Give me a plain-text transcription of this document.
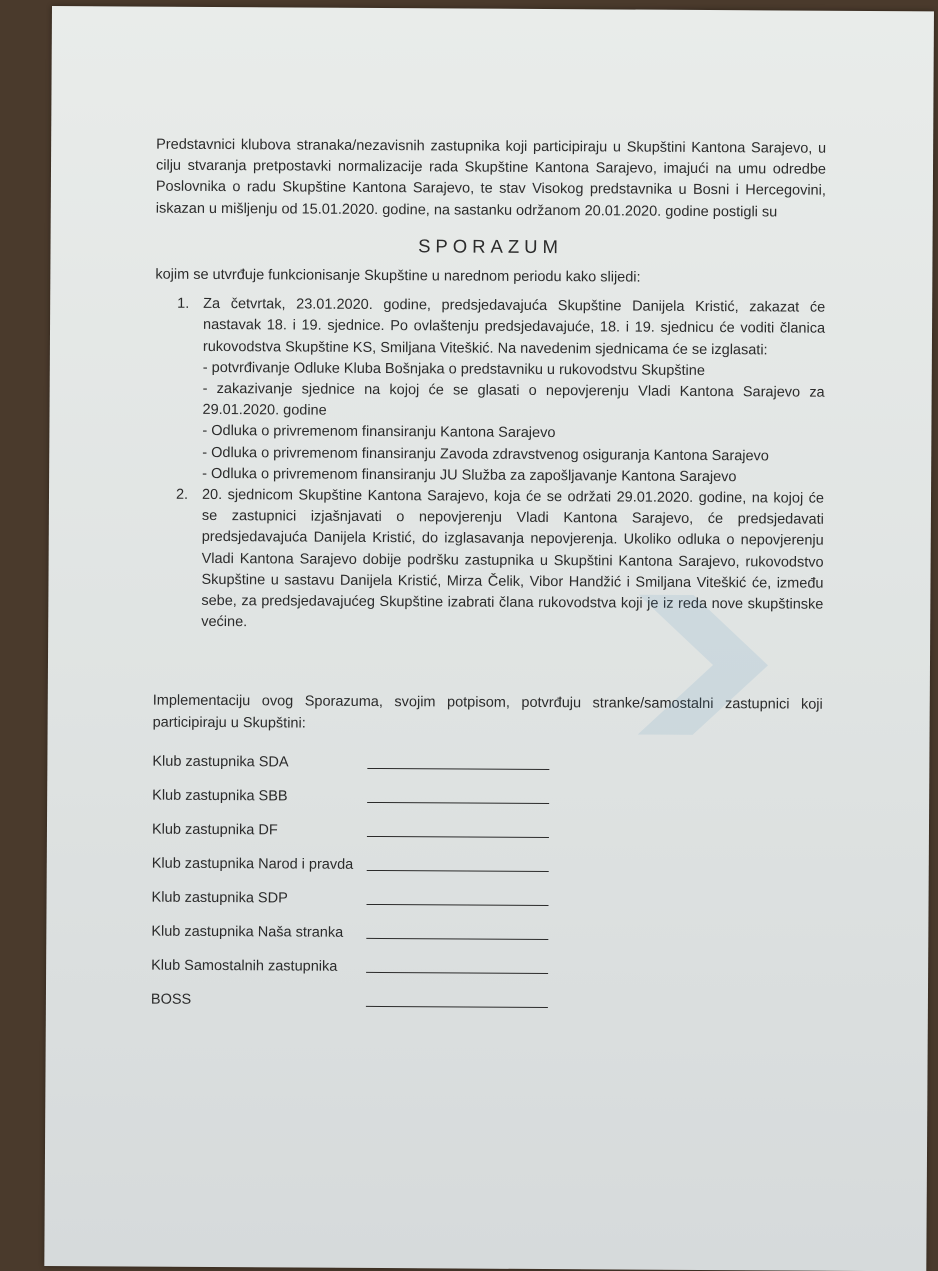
Predstavnici klubova stranaka/nezavisnih zastupnika koji participiraju u Skupštini Kantona Sarajevo, u cilju stvaranja pretpostavki normalizacije rada Skupštine Kantona Sarajevo, imajući na umu odredbe Poslovnika o radu Skupštine Kantona Sarajevo, te stav Visokog predstavnika u Bosni i Hercegovini, iskazan u mišljenju od 15.01.2020. godine, na sastanku održanom 20.01.2020. godine postigli su

SPORAZUM
kojim se utvrđuje funkcionisanje Skupštine u narednom periodu kako slijedi:
1. Za četvrtak, 23.01.2020. godine, predsjedavajuća Skupštine Danijela Kristić, zakazat će nastavak 18. i 19. sjednice. Po ovlaštenju predsjedavajuće, 18. i 19. sjednicu će voditi članica rukovodstva Skupštine KS, Smiljana Viteškić. Na navedenim sjednicama će se izglasati:
- potvrđivanje Odluke Kluba Bošnjaka o predstavniku u rukovodstvu Skupštine
- zakazivanje sjednice na kojoj će se glasati o nepovjerenju Vladi Kantona Sarajevo za 29.01.2020. godine
- Odluka o privremenom finansiranju Kantona Sarajevo
- Odluka o privremenom finansiranju Zavoda zdravstvenog osiguranja Kantona Sarajevo
- Odluka o privremenom finansiranju JU Služba za zapošljavanje Kantona Sarajevo
2. 20. sjednicom Skupštine Kantona Sarajevo, koja će se održati 29.01.2020. godine, na kojoj će se zastupnici izjašnjavati o nepovjerenju Vladi Kantona Sarajevo, će predsjedavati predsjedavajuća Danijela Kristić, do izglasavanja nepovjerenja. Ukoliko odluka o nepovjerenju Vladi Kantona Sarajevo dobije podršku zastupnika u Skupštini Kantona Sarajevo, rukovodstvo Skupštine u sastavu Danijela Kristić, Mirza Čelik, Vibor Handžić i Smiljana Viteškić će, između sebe, za predsjedavajućeg Skupštine izabrati člana rukovodstva koji je iz reda nove skupštinske većine.

Implementaciju ovog Sporazuma, svojim potpisom, potvrđuju stranke/samostalni zastupnici koji participiraju u Skupštini:

Klub zastupnika SDA
Klub zastupnika SBB
Klub zastupnika DF
Klub zastupnika Narod i pravda
Klub zastupnika SDP
Klub zastupnika Naša stranka
Klub Samostalnih zastupnika
BOSS
